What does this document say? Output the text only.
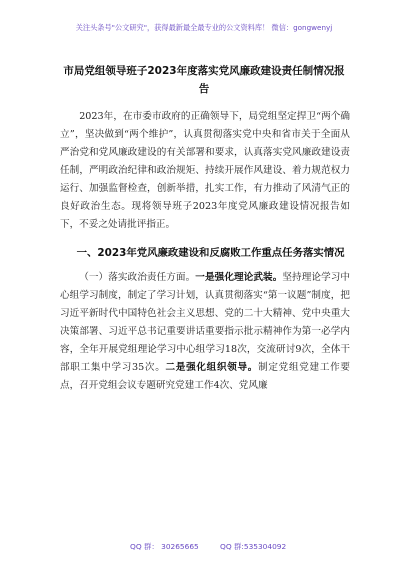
关注头条号"公文研究"，获得最新最全最专业的公文资料库！ 微信：gongwenyj
市局党组领导班子2023年度落实党风廉政建设责任制情况报告

2023年，在市委市政府的正确领导下，局党组坚定捍卫“两个确立”，坚决做到“两个维护”，认真贯彻落实党中央和省市关于全面从严治党和党风廉政建设的有关部署和要求，认真落实党风廉政建设责任制，严明政治纪律和政治规矩、持续开展作风建设、着力规范权力运行、加强监督检查，创新举措，扎实工作，有力推动了风清气正的良好政治生态。现将领导班子2023年度党风廉政建设情况报告如下，不妥之处请批评指正。

一、2023年党风廉政建设和反腐败工作重点任务落实情况

（一）落实政治责任方面。一是强化理论武装。坚持理论学习中心组学习制度，制定了学习计划，认真贯彻落实“第一议题”制度，把习近平新时代中国特色社会主义思想、党的二十大精神、党中央重大决策部署、习近平总书记重要讲话重要指示批示精神作为第一必学内容，全年开展党组理论学习中心组学习18次，交流研讨9次，全体干部职工集中学习35次。二是强化组织领导。制定党组党建工作要点，召开党组会议专题研究党建工作4次、党风廉

QQ 群： 30265665	QQ 群:535304092
